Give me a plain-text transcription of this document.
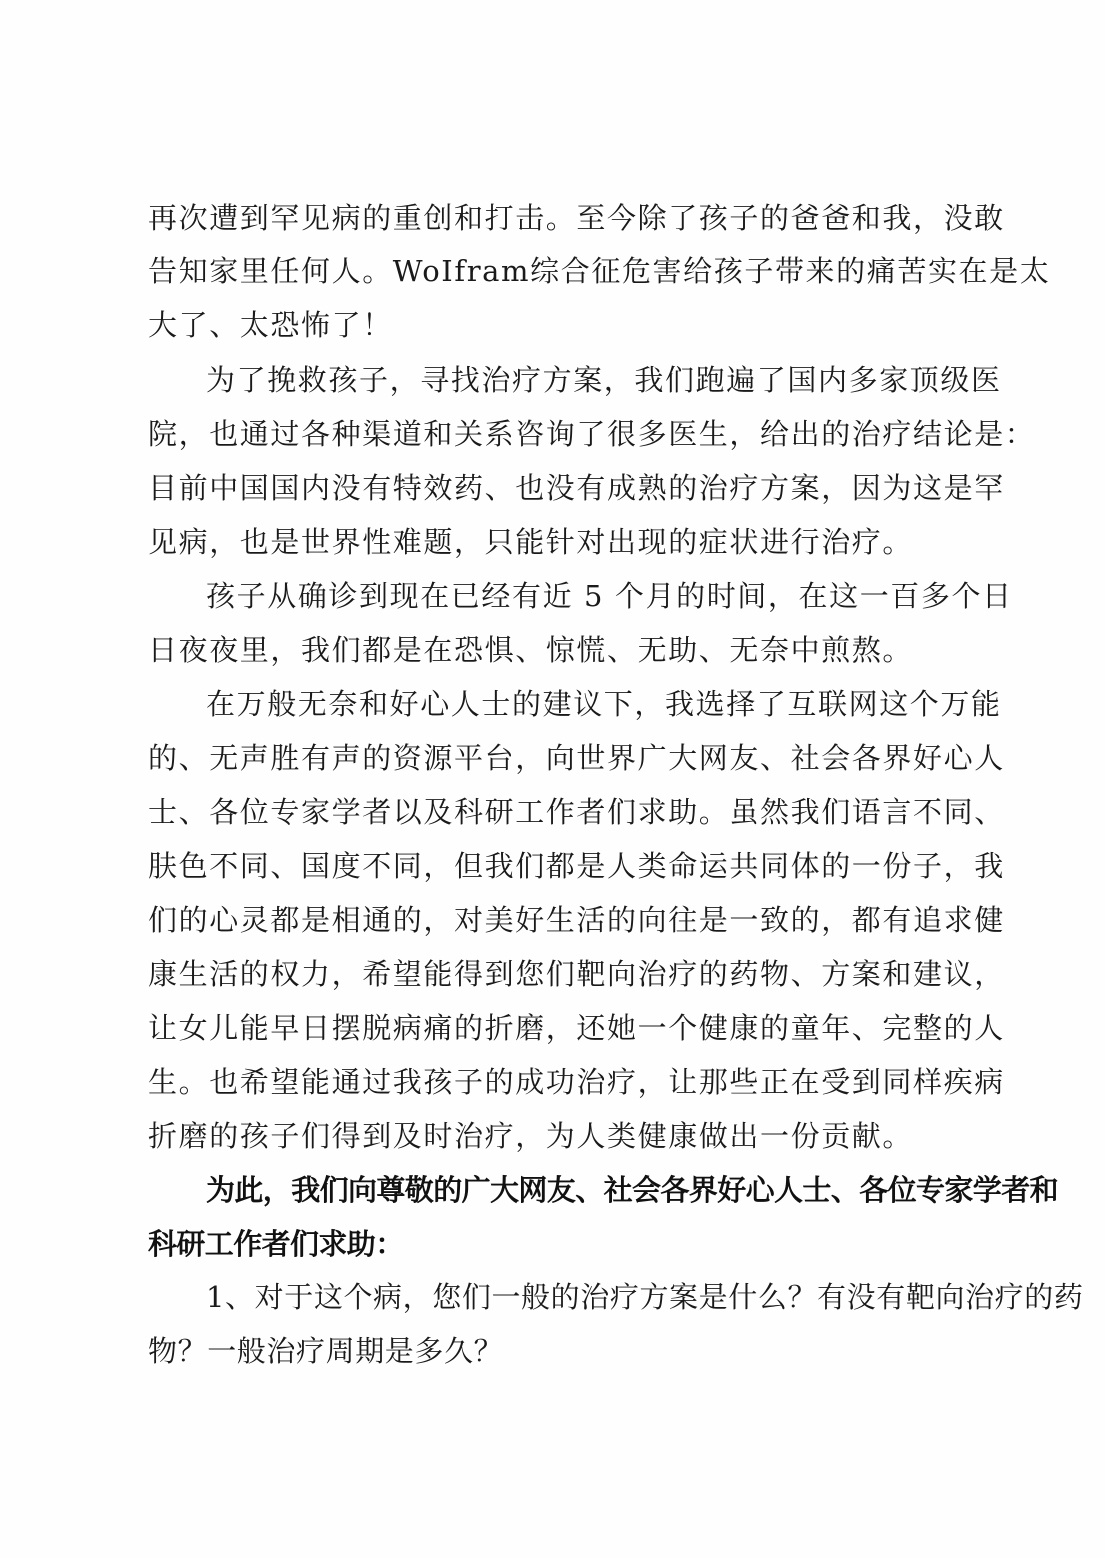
再次遭到罕见病的重创和打击。至今除了孩子的爸爸和我，没敢
告知家里任何人。WoIfram综合征危害给孩子带来的痛苦实在是太
大了、太恐怖了！
为了挽救孩子，寻找治疗方案，我们跑遍了国内多家顶级医
院，也通过各种渠道和关系咨询了很多医生，给出的治疗结论是：
目前中国国内没有特效药、也没有成熟的治疗方案，因为这是罕
见病，也是世界性难题，只能针对出现的症状进行治疗。
孩子从确诊到现在已经有近 5 个月的时间，在这一百多个日
日夜夜里，我们都是在恐惧、惊慌、无助、无奈中煎熬。
在万般无奈和好心人士的建议下，我选择了互联网这个万能
的、无声胜有声的资源平台，向世界广大网友、社会各界好心人
士、各位专家学者以及科研工作者们求助。虽然我们语言不同、
肤色不同、国度不同，但我们都是人类命运共同体的一份子，我
们的心灵都是相通的，对美好生活的向往是一致的，都有追求健
康生活的权力，希望能得到您们靶向治疗的药物、方案和建议，
让女儿能早日摆脱病痛的折磨，还她一个健康的童年、完整的人
生。也希望能通过我孩子的成功治疗，让那些正在受到同样疾病
折磨的孩子们得到及时治疗，为人类健康做出一份贡献。
为此，我们向尊敬的广大网友、社会各界好心人士、各位专家学者和
科研工作者们求助：
1、对于这个病，您们一般的治疗方案是什么？有没有靶向治疗的药
物？一般治疗周期是多久？
